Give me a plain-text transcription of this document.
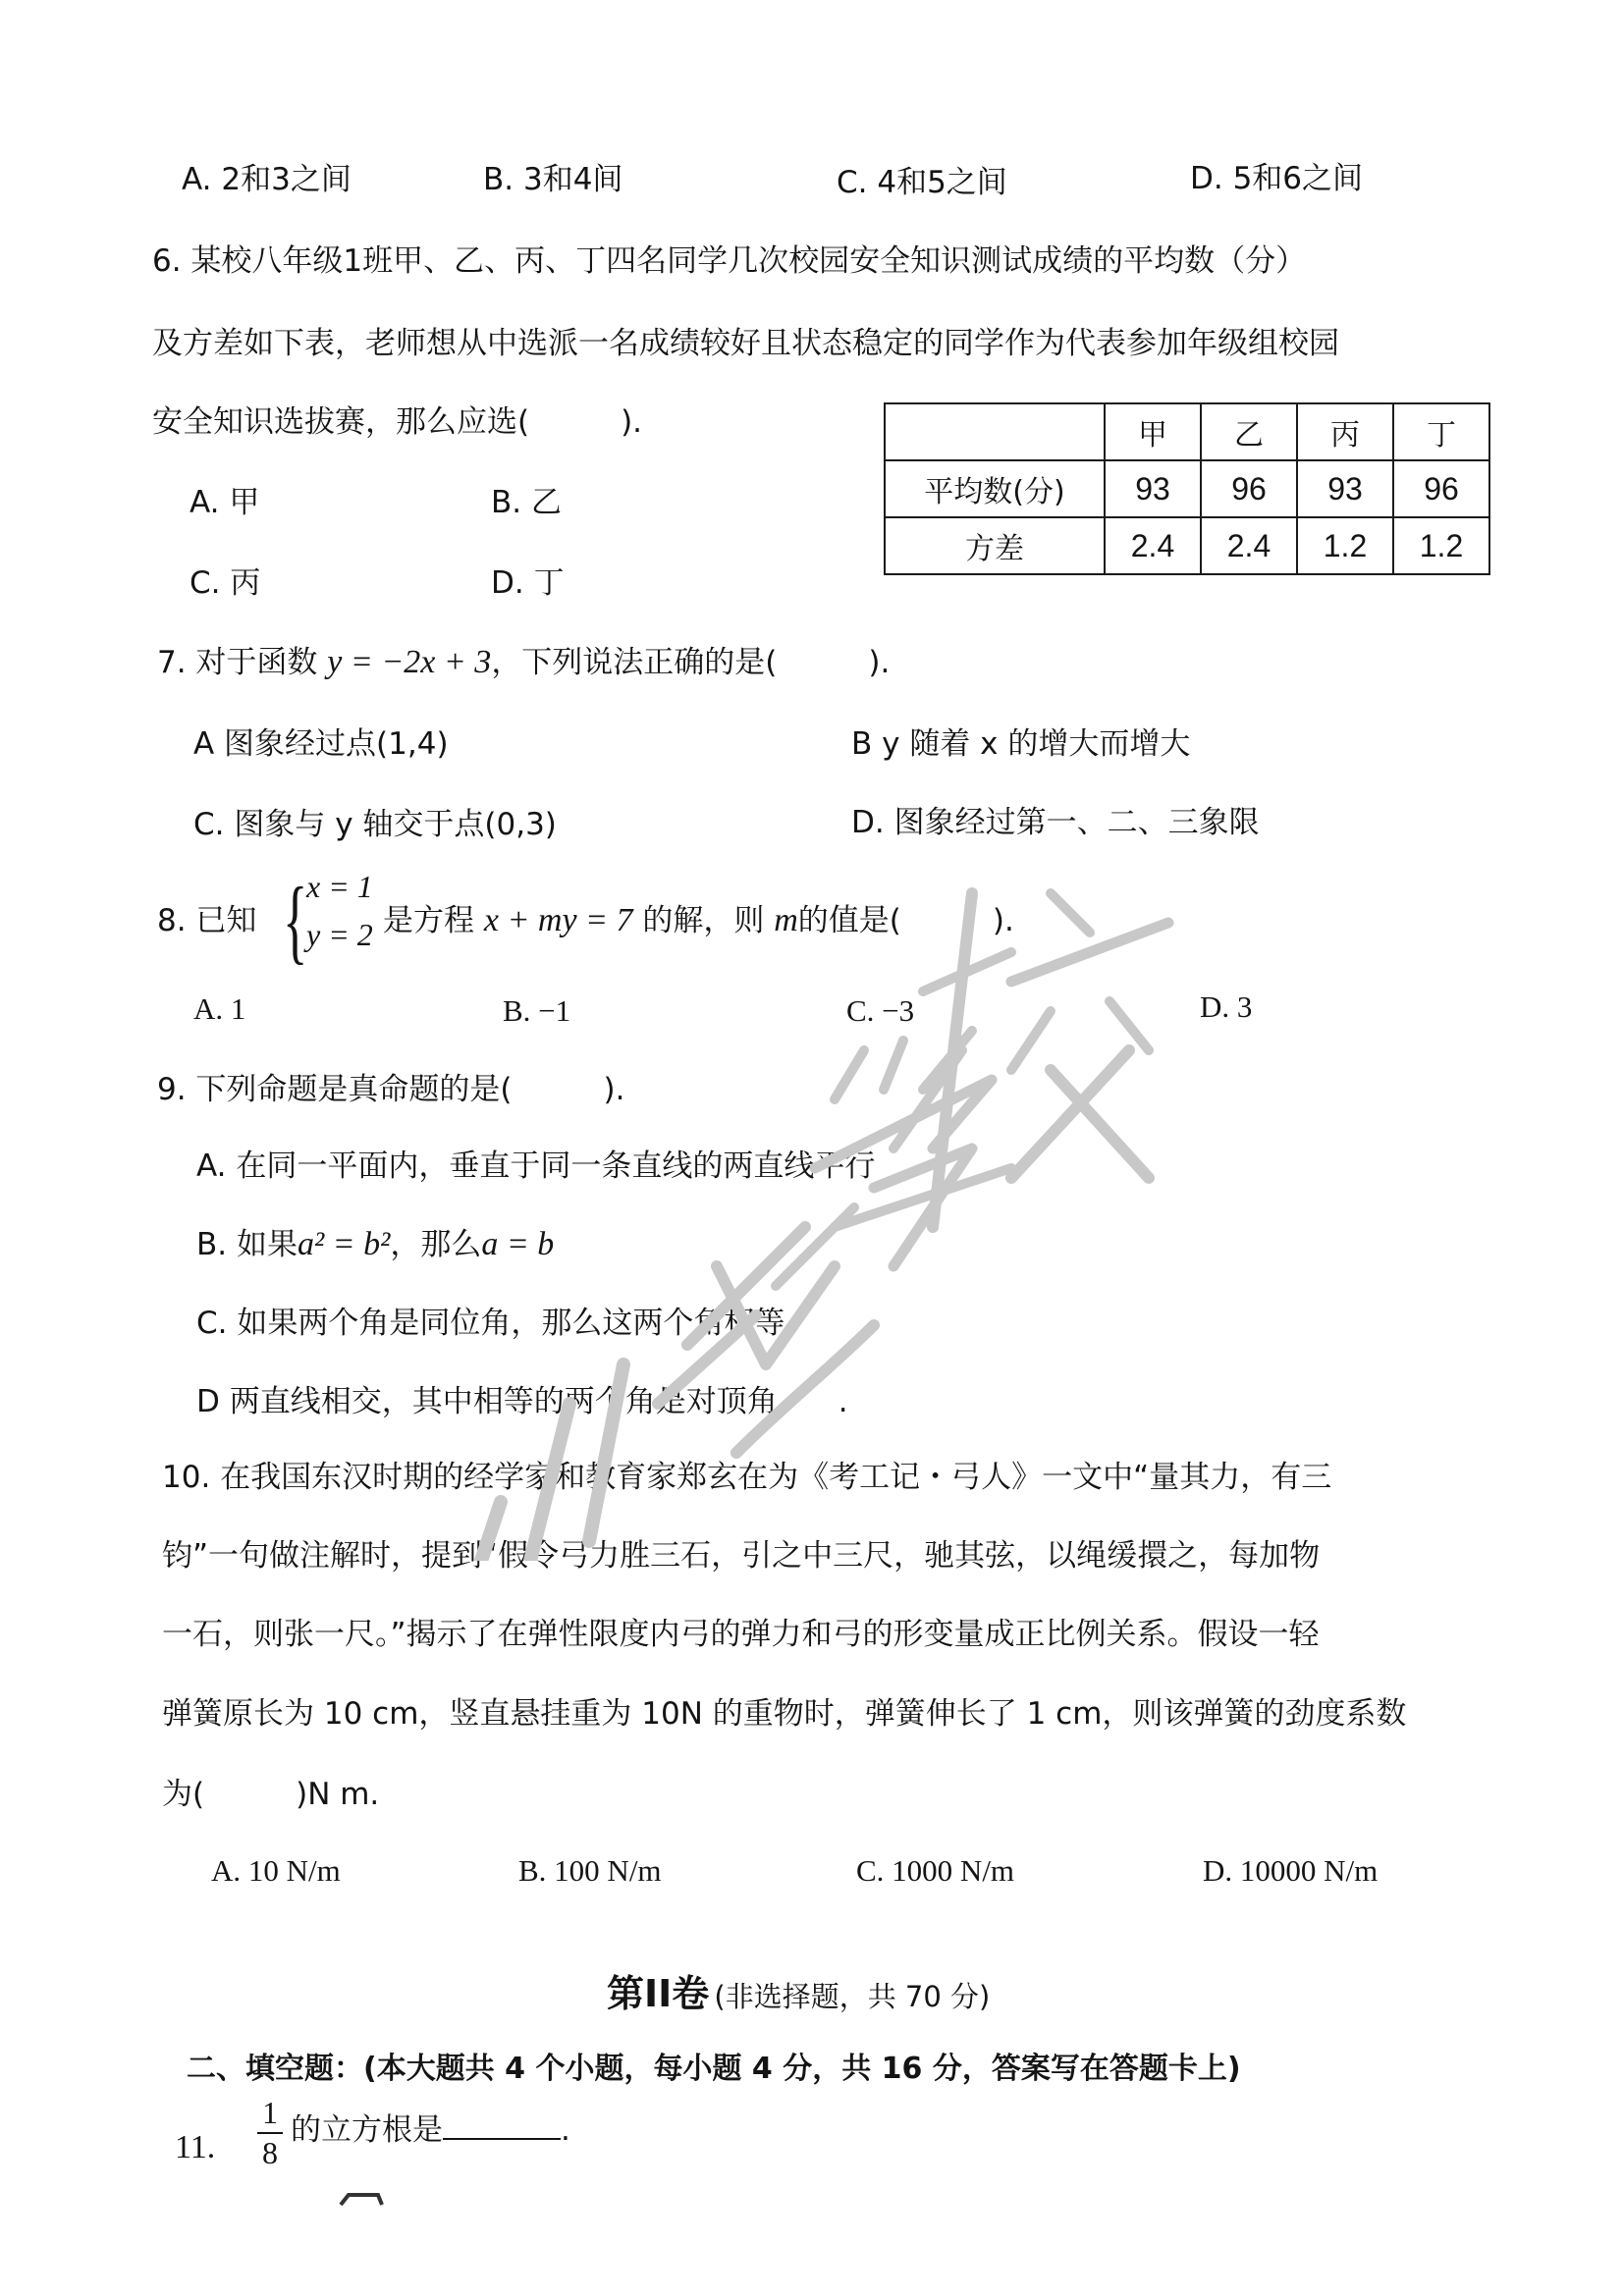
A. 2和3之间	B. 3和4间	C. 4和5之间	D. 5和6之间
6. 某校八年级1班甲、乙、丙、丁四名同学几次校园安全知识测试成绩的平均数（分）
及方差如下表，老师想从中选派一名成绩较好且状态稳定的同学作为代表参加年级组校园
安全知识选拔赛，那么应选(　　　).
A. 甲	B. 乙
C. 丙	D. 丁
	甲	乙	丙	丁
平均数(分)	93	96	93	96
方差	2.4	2.4	1.2	1.2
7. 对于函数 y = −2x + 3，下列说法正确的是(　　　).
A 图象经过点(1,4)	B y 随着 x 的增大而增大
C. 图象与 y 轴交于点(0,3)	D. 图象经过第一、二、三象限
8. 已知 {
x = 1
y = 2 是方程 x + my = 7 的解，则 m的值是(　　　).
A. 1	B. −1	C. −3	D. 3
9. 下列命题是真命题的是(　　　).
A. 在同一平面内，垂直于同一条直线的两直线平行
B. 如果a² = b²，那么a = b
C. 如果两个角是同位角，那么这两个角相等
D 两直线相交，其中相等的两个角是对顶角　　.
10. 在我国东汉时期的经学家和教育家郑玄在为《考工记・弓人》一文中“量其力，有三
钧”一句做注解时，提到“假令弓力胜三石，引之中三尺，驰其弦，以绳缓擐之，每加物
一石，则张一尺。”揭示了在弹性限度内弓的弹力和弓的形变量成正比例关系。假设一轻
弹簧原长为 10 cm，竖直悬挂重为 10N 的重物时，弹簧伸长了 1 cm，则该弹簧的劲度系数
为(　　　)N m.
A. 10 N/m	B. 100 N/m	C. 1000 N/m	D. 10000 N/m
第II卷 (非选择题，共 70 分)
二、填空题：(本大题共 4 个小题，每小题 4 分，共 16 分，答案写在答题卡上)
11.
1
8
的立方根是	.
